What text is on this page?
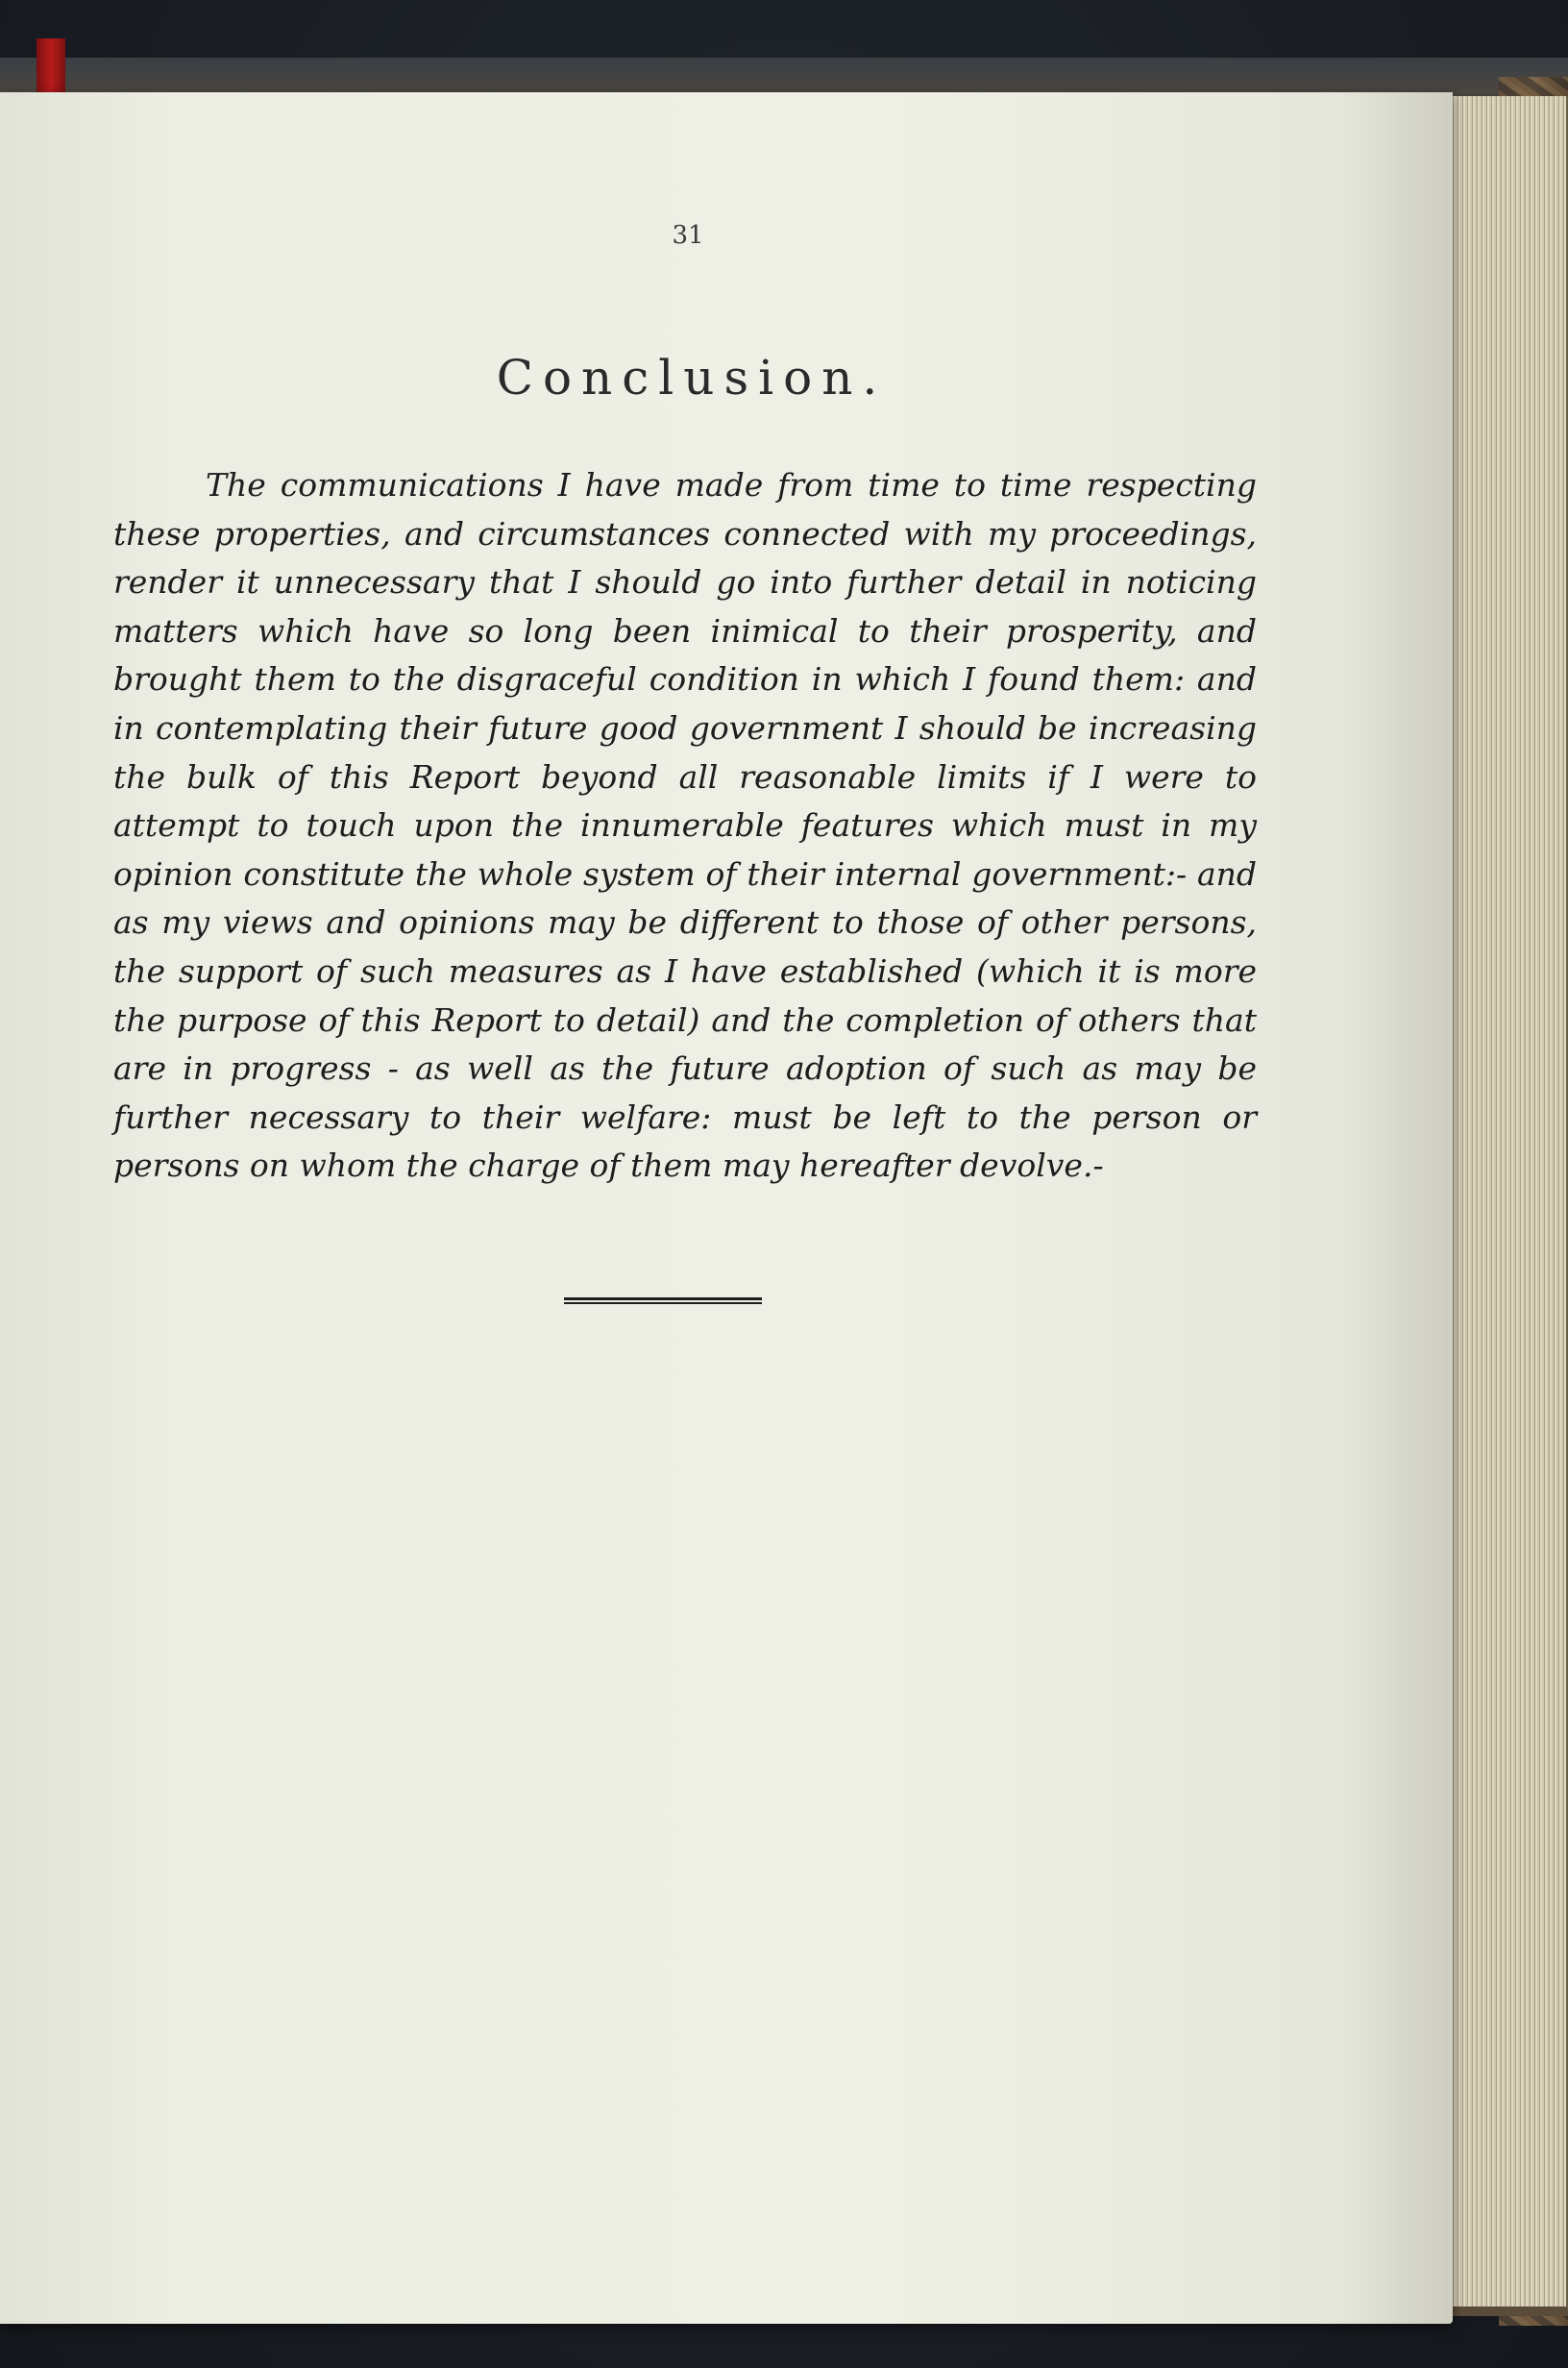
31
Conclusion.

The communications I have made from time to time respecting these properties, and circumstances connected with my proceedings, render it unnecessary that I should go into further detail in noticing matters which have so long been inimical to their prosperity, and brought them to the disgraceful condition in which I found them: and in contemplating their future good government I should be increasing the bulk of this Report beyond all reasonable limits if I were to attempt to touch upon the innumerable features which must in my opinion constitute the whole system of their internal government:- and as my views and opinions may be different to those of other persons, the support of such measures as I have established (which it is more the purpose of this Report to detail) and the completion of others that are in progress - as well as the future adoption of such as may be further necessary to their welfare: must be left to the person or persons on whom the charge of them may hereafter devolve.-
